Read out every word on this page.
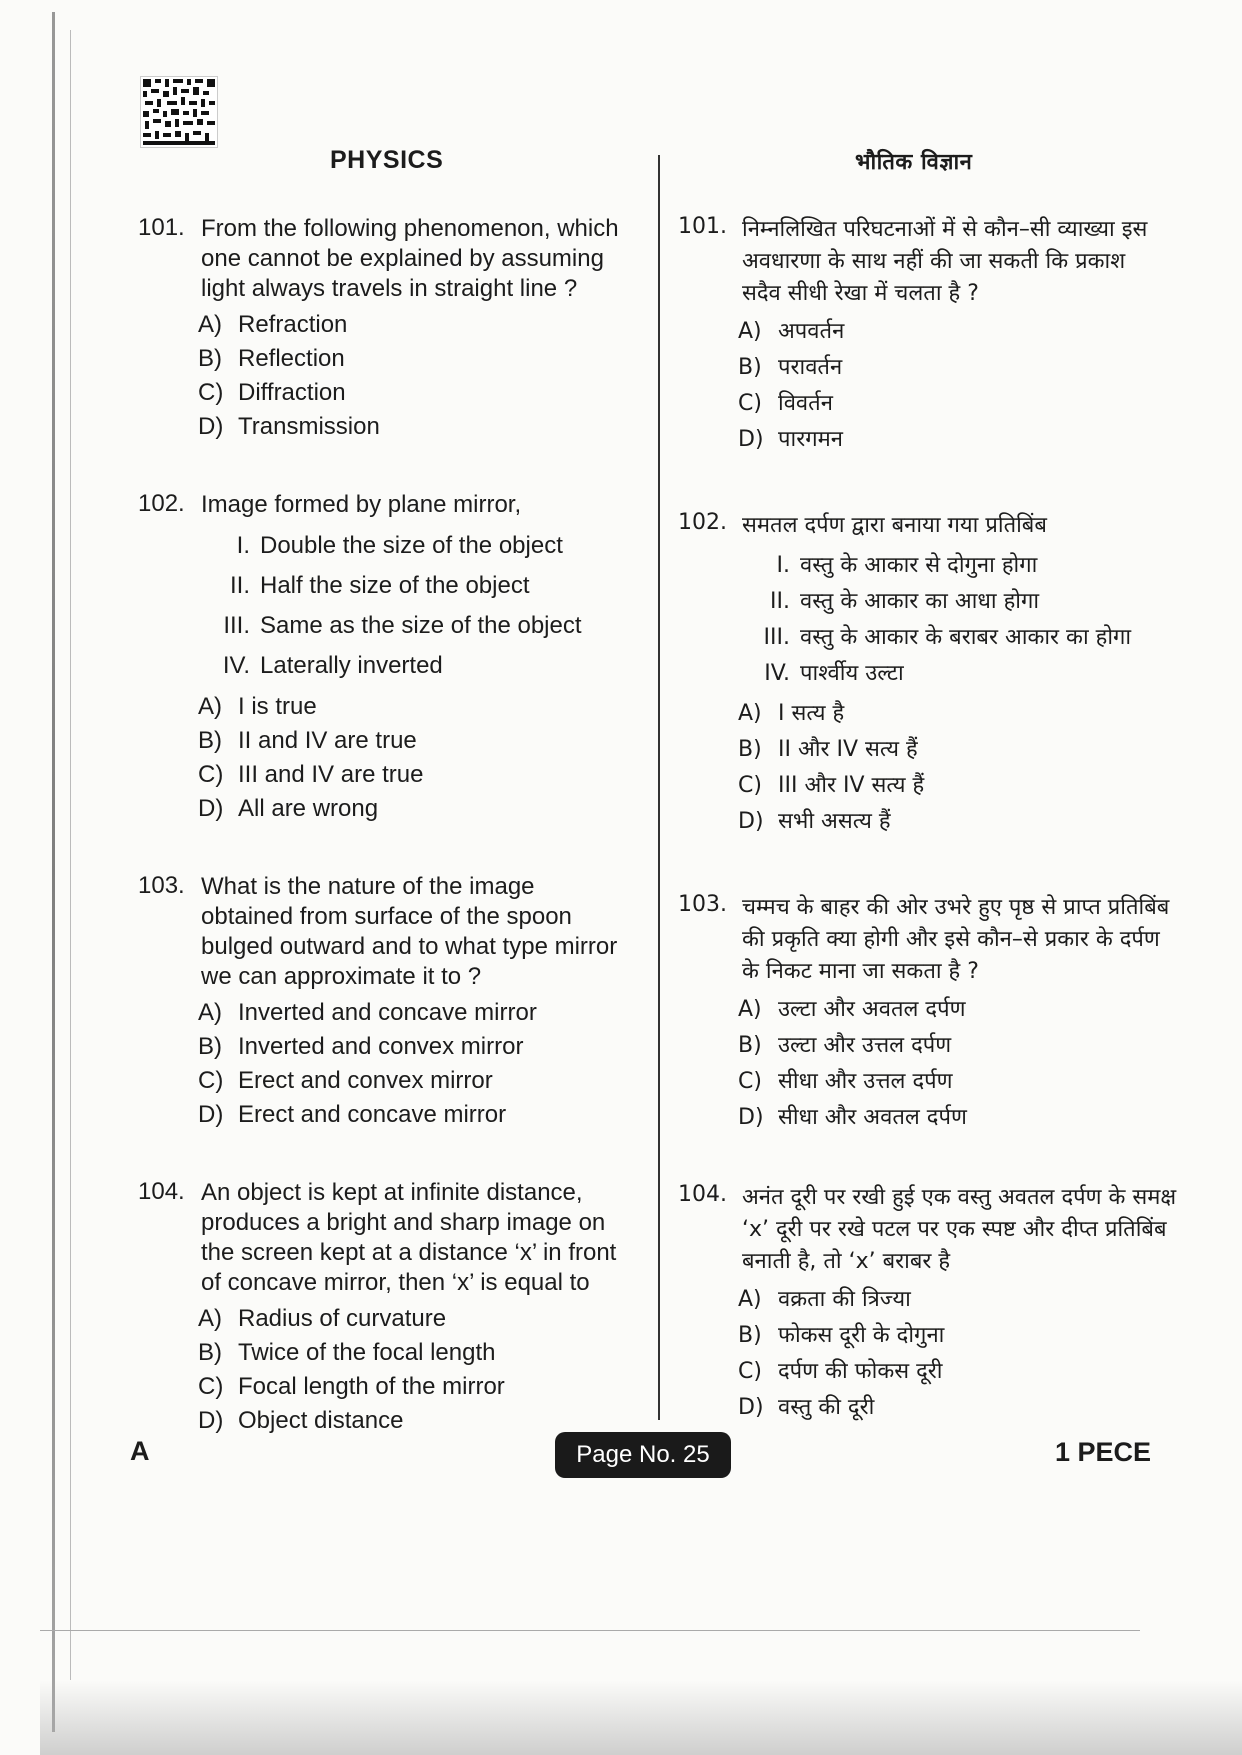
PHYSICS	भौतिक विज्ञान
101. From the following phenomenon, which one cannot be explained by assuming light always travels in straight line ?
A) Refraction
B) Reflection
C) Diffraction
D) Transmission
102. Image formed by plane mirror,
I. Double the size of the object
II. Half the size of the object
III. Same as the size of the object
IV. Laterally inverted
A) I is true
B) II and IV are true
C) III and IV are true
D) All are wrong
103. What is the nature of the image obtained from surface of the spoon bulged outward and to what type mirror we can approximate it to ?
A) Inverted and concave mirror
B) Inverted and convex mirror
C) Erect and convex mirror
D) Erect and concave mirror
104. An object is kept at infinite distance, produces a bright and sharp image on the screen kept at a distance ‘x’ in front of concave mirror, then ‘x’ is equal to
A) Radius of curvature
B) Twice of the focal length
C) Focal length of the mirror
D) Object distance
101. निम्नलिखित परिघटनाओं में से कौन–सी व्याख्या इस अवधारणा के साथ नहीं की जा सकती कि प्रकाश सदैव सीधी रेखा में चलता है ?
A) अपवर्तन
B) परावर्तन
C) विवर्तन
D) पारगमन
102. समतल दर्पण द्वारा बनाया गया प्रतिबिंब
I. वस्तु के आकार से दोगुना होगा
II. वस्तु के आकार का आधा होगा
III. वस्तु के आकार के बराबर आकार का होगा
IV. पार्श्वीय उल्टा
A) I सत्य है
B) II और IV सत्य हैं
C) III और IV सत्य हैं
D) सभी असत्य हैं
103. चम्मच के बाहर की ओर उभरे हुए पृष्ठ से प्राप्त प्रतिबिंब की प्रकृति क्या होगी और इसे कौन–से प्रकार के दर्पण के निकट माना जा सकता है ?
A) उल्टा और अवतल दर्पण
B) उल्टा और उत्तल दर्पण
C) सीधा और उत्तल दर्पण
D) सीधा और अवतल दर्पण
104. अनंत दूरी पर रखी हुई एक वस्तु अवतल दर्पण के समक्ष ‘x’ दूरी पर रखे पटल पर एक स्पष्ट और दीप्त प्रतिबिंब बनाती है, तो ‘x’ बराबर है
A) वक्रता की त्रिज्या
B) फोकस दूरी के दोगुना
C) दर्पण की फोकस दूरी
D) वस्तु की दूरी
A	Page No. 25	1 PECE
